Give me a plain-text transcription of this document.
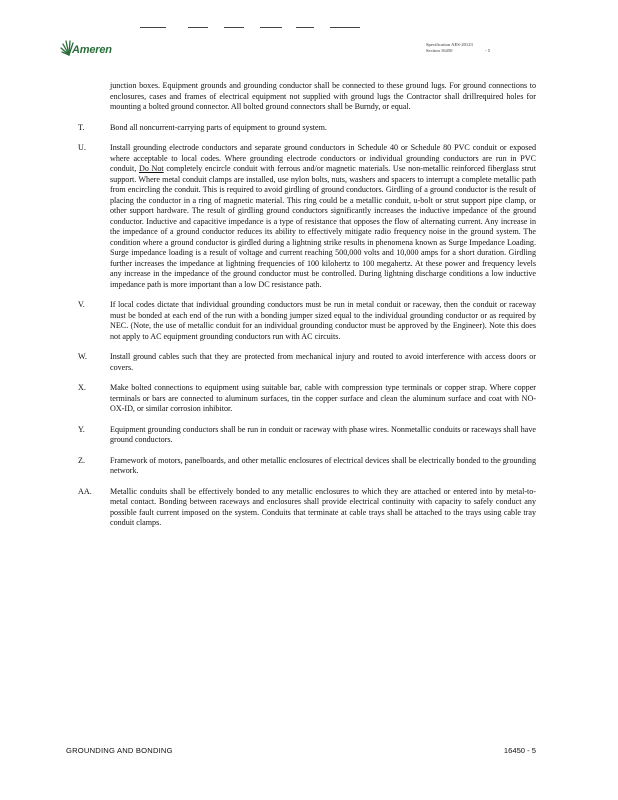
Ameren	Specification AES-20123
Section 16450	- 5
junction boxes. Equipment grounds and grounding conductor shall be connected to these ground lugs. For ground connections to enclosures, cases and frames of electrical equipment not supplied with ground lugs the Contractor shall drillrequired holes for mounting a bolted ground connector. All bolted ground connectors shall be Burndy, or equal.
T.	Bond all noncurrent-carrying parts of equipment to ground system.
U.	Install grounding electrode conductors and separate ground conductors in Schedule 40 or Schedule 80 PVC conduit or exposed where acceptable to local codes. Where grounding electrode conductors or individual grounding conductors are run in PVC conduit, Do Not completely encircle conduit with ferrous and/or magnetic materials. Use non-metallic reinforced fiberglass strut support. Where metal conduit clamps are installed, use nylon bolts, nuts, washers and spacers to interrupt a complete metallic path from encircling the conduit. This is required to avoid girdling of ground conductors. Girdling of a ground conductor is the result of placing the conductor in a ring of magnetic material. This ring could be a metallic conduit, u-bolt or strut support pipe clamp, or other support hardware. The result of girdling ground conductors significantly increases the inductive impedance of the ground conductor. Inductive and capacitive impedance is a type of resistance that opposes the flow of alternating current. Any increase in the impedance of a ground conductor reduces its ability to effectively mitigate radio frequency noise in the ground system. The condition where a ground conductor is girdled during a lightning strike results in phenomena known as Surge Impedance Loading. Surge impedance loading is a result of voltage and current reaching 500,000 volts and 10,000 amps for a short duration. Girdling further increases the impedance at lightning frequencies of 100 kilohertz to 100 megahertz. At these power and frequency levels any increase in the impedance of the ground conductor must be controlled. During lightning discharge conditions a low inductive impedance path is more important than a low DC resistance path.
V.	If local codes dictate that individual grounding conductors must be run in metal conduit or raceway, then the conduit or raceway must be bonded at each end of the run with a bonding jumper sized equal to the individual grounding conductor or as required by NEC. (Note, the use of metallic conduit for an individual grounding conductor must be approved by the Engineer). Note this does not apply to AC equipment grounding conductors run with AC circuits.
W.	Install ground cables such that they are protected from mechanical injury and routed to avoid interference with access doors or covers.
X.	Make bolted connections to equipment using suitable bar, cable with compression type terminals or copper strap. Where copper terminals or bars are connected to aluminum surfaces, tin the copper surface and clean the aluminum surface and coat with NO-OX-ID, or similar corrosion inhibitor.
Y.	Equipment grounding conductors shall be run in conduit or raceway with phase wires. Nonmetallic conduits or raceways shall have ground conductors.
Z.	Framework of motors, panelboards, and other metallic enclosures of electrical devices shall be electrically bonded to the grounding network.
AA.	Metallic conduits shall be effectively bonded to any metallic enclosures to which they are attached or entered into by metal-to-metal contact. Bonding between raceways and enclosures shall provide electrical continuity with capacity to safely conduct any possible fault current imposed on the system. Conduits that terminate at cable trays shall be attached to the trays using cable tray conduit clamps.
GROUNDING AND BONDING	16450 - 5
